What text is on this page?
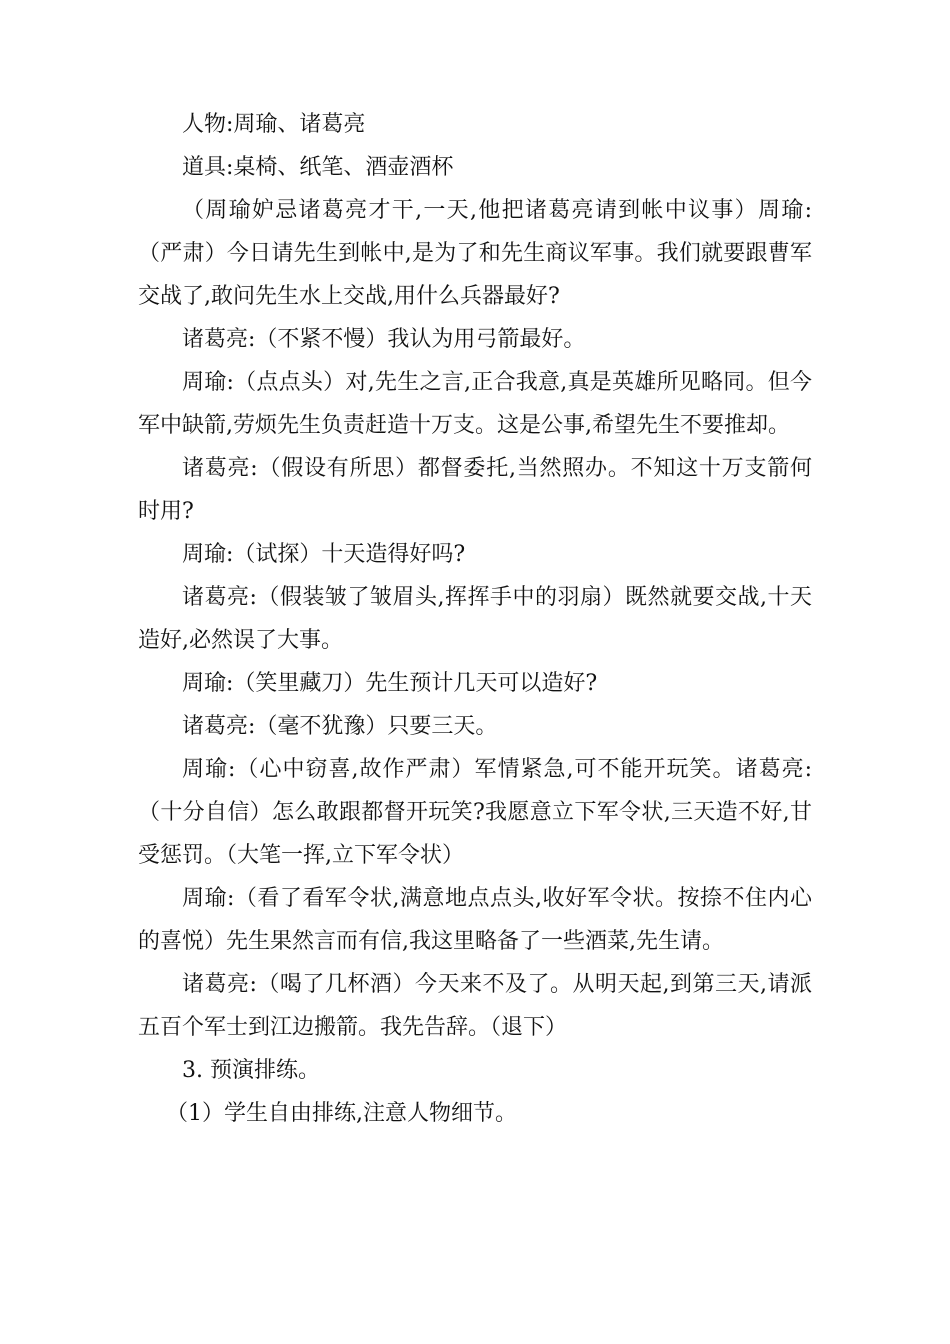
人物:周瑜、诸葛亮

道具:桌椅、纸笔、酒壶酒杯

（周瑜妒忌诸葛亮才干,一天,他把诸葛亮请到帐中议事）周瑜:（严肃）今日请先生到帐中,是为了和先生商议军事。我们就要跟曹军交战了,敢问先生水上交战,用什么兵器最好?

诸葛亮:（不紧不慢）我认为用弓箭最好。

周瑜:（点点头）对,先生之言,正合我意,真是英雄所见略同。但今军中缺箭,劳烦先生负责赶造十万支。这是公事,希望先生不要推却。

诸葛亮:（假设有所思）都督委托,当然照办。不知这十万支箭何时用?

周瑜:（试探）十天造得好吗?

诸葛亮:（假装皱了皱眉头,挥挥手中的羽扇）既然就要交战,十天造好,必然误了大事。

周瑜:（笑里藏刀）先生预计几天可以造好?

诸葛亮:（毫不犹豫）只要三天。

周瑜:（心中窃喜,故作严肃）军情紧急,可不能开玩笑。诸葛亮:（十分自信）怎么敢跟都督开玩笑?我愿意立下军令状,三天造不好,甘受惩罚。（大笔一挥,立下军令状）

周瑜:（看了看军令状,满意地点点头,收好军令状。按捺不住内心的喜悦）先生果然言而有信,我这里略备了一些酒菜,先生请。

诸葛亮:（喝了几杯酒）今天来不及了。从明天起,到第三天,请派五百个军士到江边搬箭。我先告辞。（退下）

3. 预演排练。

（1）学生自由排练,注意人物细节。
